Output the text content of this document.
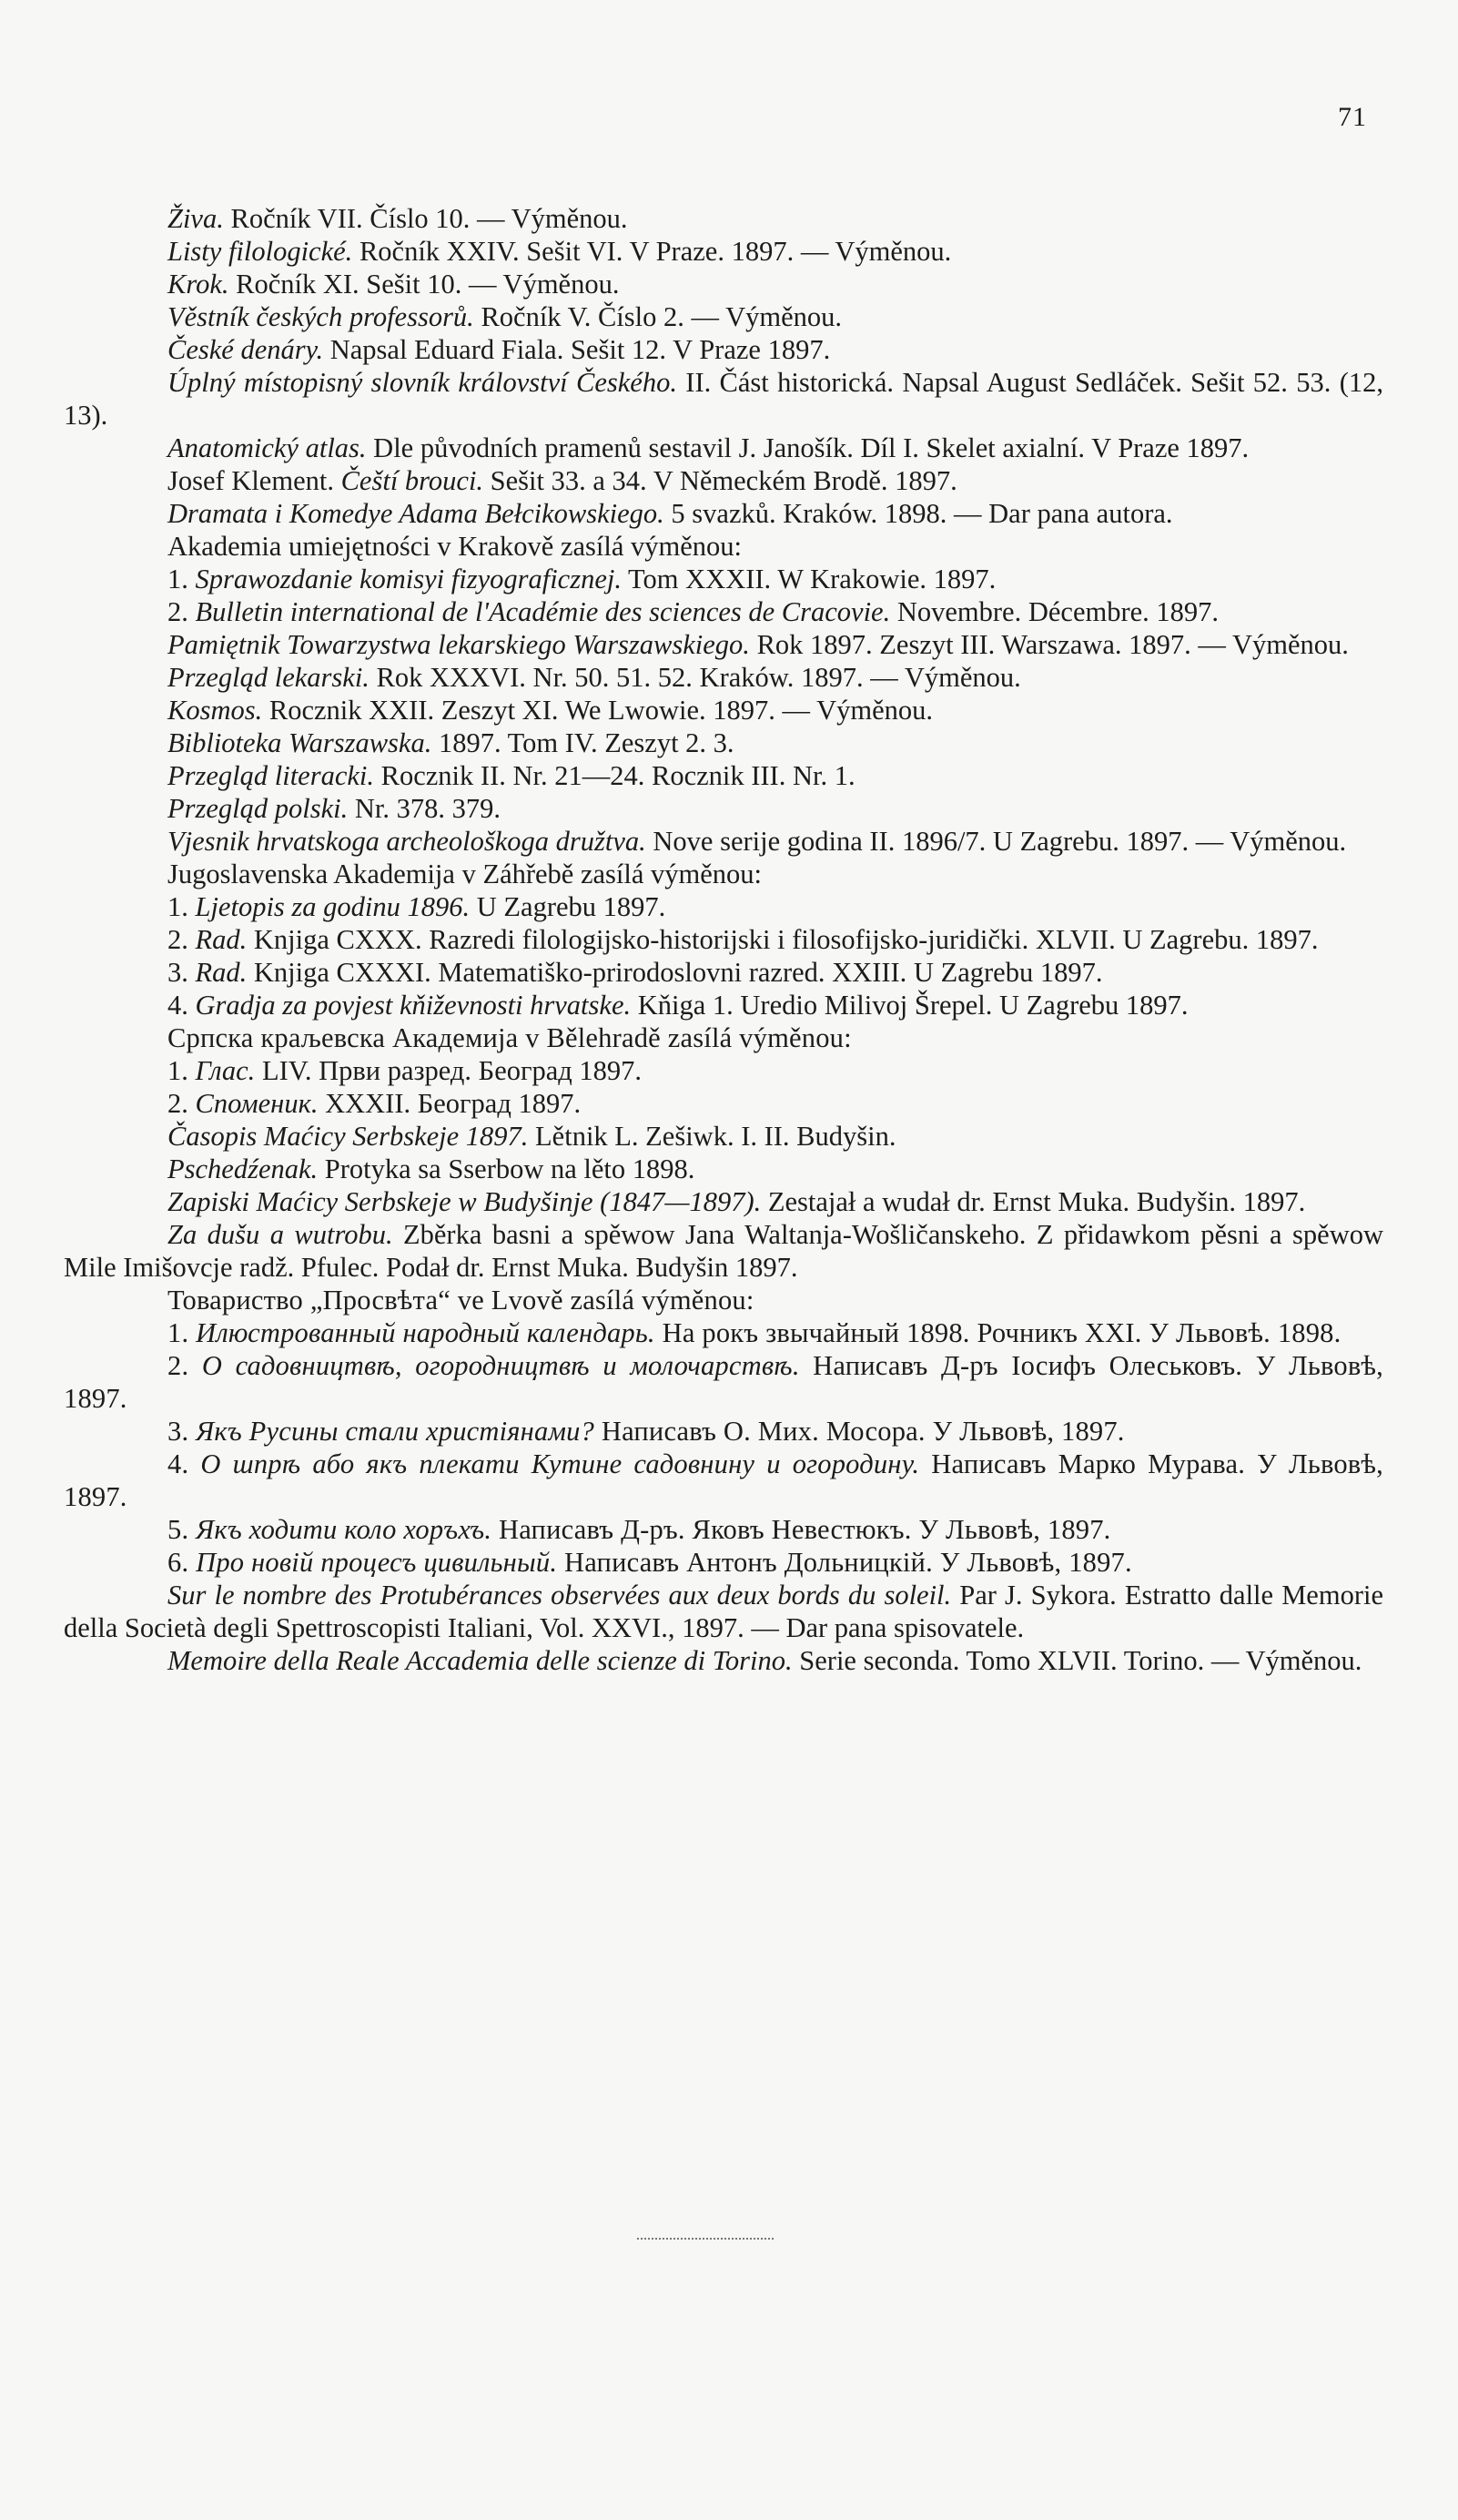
71

Živa. Ročník VII. Číslo 10. — Výměnou.

Listy filologické. Ročník XXIV. Sešit VI. V Praze. 1897. — Výměnou.

Krok. Ročník XI. Sešit 10. — Výměnou.

Věstník českých professorů. Ročník V. Číslo 2. — Výměnou.

České denáry. Napsal Eduard Fiala. Sešit 12. V Praze 1897.

Úplný místopisný slovník království Českého. II. Část historická. Napsal August Sedláček. Sešit 52. 53. (12, 13).

Anatomický atlas. Dle původních pramenů sestavil J. Janošík. Díl I. Skelet axialní. V Praze 1897.

Josef Klement. Čeští brouci. Sešit 33. a 34. V Německém Brodě. 1897.

Dramata i Komedye Adama Bełcikowskiego. 5 svazků. Kraków. 1898. — Dar pana autora.

Akademia umiejętności v Krakově zasílá výměnou:

1. Sprawozdanie komisyi fizyograficznej. Tom XXXII. W Krakowie. 1897.

2. Bulletin international de l'Académie des sciences de Cracovie. Novembre. Décembre. 1897.

Pamiętnik Towarzystwa lekarskiego Warszawskiego. Rok 1897. Zeszyt III. Warszawa. 1897. — Výměnou.

Przegląd lekarski. Rok XXXVI. Nr. 50. 51. 52. Kraków. 1897. — Výměnou.

Kosmos. Rocznik XXII. Zeszyt XI. We Lwowie. 1897. — Výměnou.

Biblioteka Warszawska. 1897. Tom IV. Zeszyt 2. 3.

Przegląd literacki. Rocznik II. Nr. 21—24. Rocznik III. Nr. 1.

Przegląd polski. Nr. 378. 379.

Vjesnik hrvatskoga archeološkoga družtva. Nove serije godina II. 1896/7. U Zagrebu. 1897. — Výměnou.

Jugoslavenska Akademija v Záhřebě zasílá výměnou:

1. Ljetopis za godinu 1896. U Zagrebu 1897.

2. Rad. Knjiga CXXX. Razredi filologijsko-historijski i filosofijsko-juridički. XLVII. U Zagrebu. 1897.

3. Rad. Knjiga CXXXI. Matematiško-prirodoslovni razred. XXIII. U Zagrebu 1897.

4. Gradja za povjest kňiževnosti hrvatske. Kňiga 1. Uredio Milivoj Šrepel. U Zagrebu 1897.

Српска краљевска Академија v Bělehradě zasílá výměnou:

1. Глас. LIV. Први разред. Београд 1897.

2. Споменик. XXXII. Београд 1897.

Časopis Maćicy Serbskeje 1897. Lětnik L. Zešiwk. I. II. Budyšin.

Pschedźenak. Protyka sa Sserbow na lěto 1898.

Zapiski Maćicy Serbskeje w Budyšinje (1847—1897). Zestajał a wudał dr. Ernst Muka. Budyšin. 1897.

Za dušu a wutrobu. Zběrka basni a spěwow Jana Waltanja-Wošličanskeho. Z přidawkom pěsni a spěwow Mile Imišovcje radž. Pfulec. Podał dr. Ernst Muka. Budyšin 1897.

Товариство „Просвѣта“ ve Lvově zasílá výměnou:

1. Илюстрованный народный календарь. На рокъ звычайный 1898. Рочникъ XXI. У Львовѣ. 1898.

2. О садовництвѣ, огородництвѣ и молочарствѣ. Написавъ Д-ръ Іосифъ Олеськовъ. У Львовѣ, 1897.

3. Якъ Русины стали христіянами? Написавъ О. Мих. Мосора. У Львовѣ, 1897.

4. О шпрѣ або якъ плекати Кутине садовнину и огородину. Написавъ Марко Мурава. У Львовѣ, 1897.

5. Якъ ходити коло хоръхъ. Написавъ Д-ръ. Яковъ Невестюкъ. У Львовѣ, 1897.

6. Про новій процесъ цивильный. Написавъ Антонъ Дольницкій. У Львовѣ, 1897.

Sur le nombre des Protubérances observées aux deux bords du soleil. Par J. Sykora. Estratto dalle Memorie della Società degli Spettroscopisti Italiani, Vol. XXVI., 1897. — Dar pana spisovatele.

Memoire della Reale Accademia delle scienze di Torino. Serie seconda. Tomo XLVII. Torino. — Výměnou.
